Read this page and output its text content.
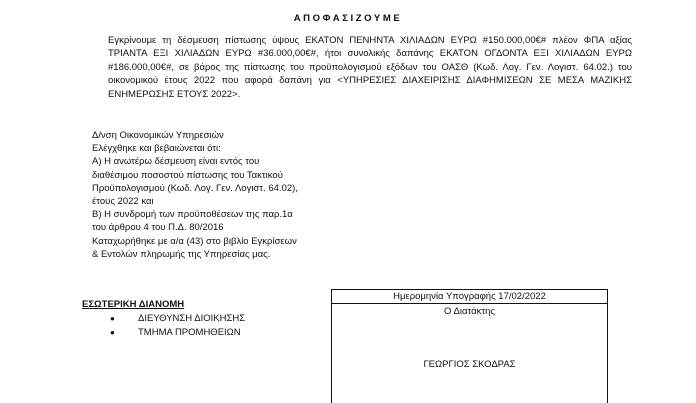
ΑΠΟΦΑΣΙΖΟΥΜΕ
Εγκρίνουμε τη δέσμευση πίστωσης ύψους ΕΚΑΤΟΝ ΠΕΝΗΝΤΑ ΧΙΛΙΑΔΩΝ ΕΥΡΩ #150.000,00€# πλέον ΦΠΑ αξίας
ΤΡΙΑΝΤΑ ΕΞΙ ΧΙΛΙΑΔΩΝ ΕΥΡΩ #36.000,00€#, ήτοι συνολικής δαπάνης ΕΚΑΤΟΝ ΟΓΔΟΝΤΑ ΕΞΙ ΧΙΛΙΑΔΩΝ ΕΥΡΩ
#186.000,00€#, σε βάρος της πίστωσης του προϋπολογισμού εξόδων του ΟΑΣΘ (Κωδ. Λογ. Γεν. Λογιστ. 64.02.) του
οικονομικού έτους 2022 που αφορά δαπάνη για <ΥΠΗΡΕΣΙΕΣ ΔΙΑΧΕΙΡΙΣΗΣ ΔΙΑΦΗΜΙΣΕΩΝ ΣΕ ΜΕΣΑ ΜΑΖΙΚΗΣ
ΕΝΗΜΕΡΩΣΗΣ ΕΤΟΥΣ 2022>.
Δ/νση Οικονομικών Υπηρεσιών
Ελέγχθηκε και βεβαιώνεται ότι:
Α) Η ανωτέρω δέσμευση είναι εντός του
διαθέσιμου ποσοστού πίστωσης του Τακτικού
Προϋπολογισμού (Κωδ. Λογ. Γεν. Λογιστ. 64.02),
έτους 2022 και
Β) Η συνδρομή των προϋποθέσεων της παρ.1α
του άρθρου 4 του Π.Δ. 80/2016
Καταχωρήθηκε με α/α (43) στο βιβλίο Εγκρίσεων
& Εντολών πληρωμής της Υπηρεσίας μας.
ΕΣΩΤΕΡΙΚΗ ΔΙΑΝΟΜΗ
●	ΔΙΕΥΘΥΝΣΗ ΔΙΟΙΚΗΣΗΣ
●	ΤΜΗΜΑ ΠΡΟΜΗΘΕΙΩΝ
Ημερομηνία Υπογραφής 17/02/2022
Ο Διατάκτης
ΓΕΩΡΓΙΟΣ ΣΚΟΔΡΑΣ
